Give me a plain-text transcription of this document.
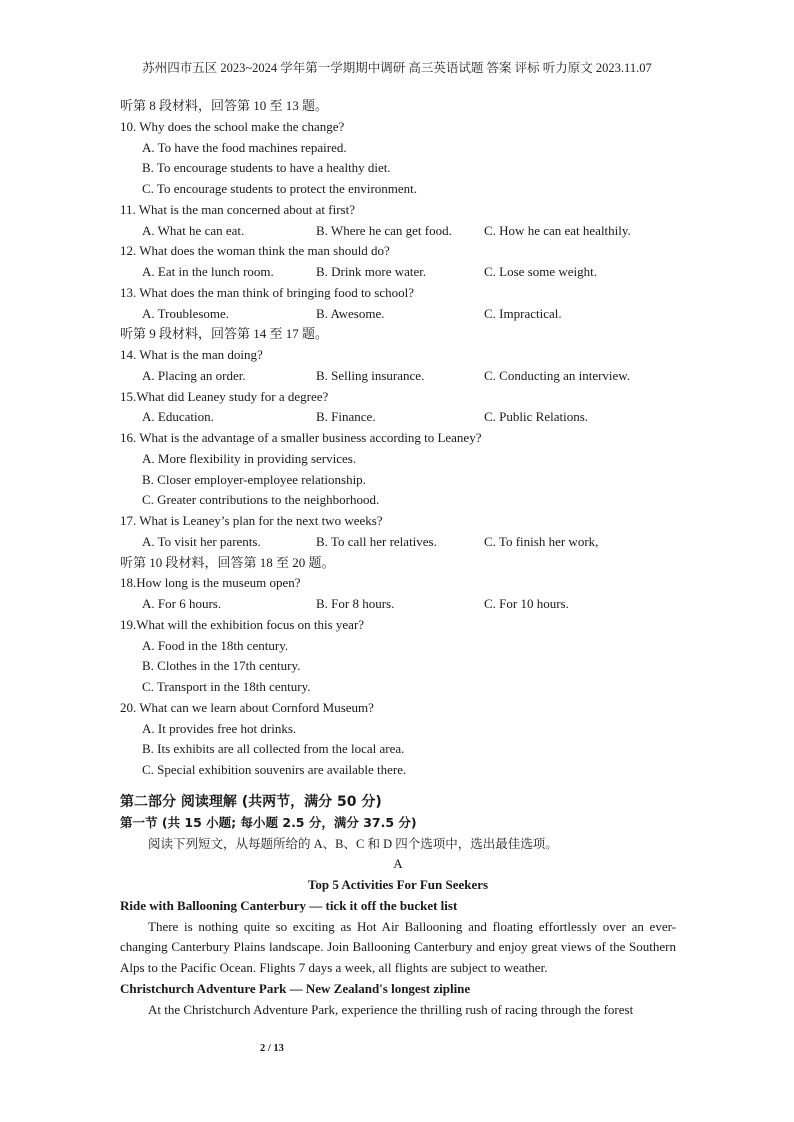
苏州四市五区 2023~2024 学年第一学期期中调研 高三英语试题 答案 评标 听力原文 2023.11.07
听第 8 段材料，回答第 10 至 13 题。
10. Why does the school make the change?
A. To have the food machines repaired.
B. To encourage students to have a healthy diet.
C. To encourage students to protect the environment.
11. What is the man concerned about at first?
A. What he can eat.	B. Where he can get food.	C. How he can eat healthily.
12. What does the woman think the man should do?
A. Eat in the lunch room.	B. Drink more water.	C. Lose some weight.
13. What does the man think of bringing food to school?
A. Troublesome.	B. Awesome.	C. Impractical.
听第 9 段材料，回答第 14 至 17 题。
14. What is the man doing?
A. Placing an order.	B. Selling insurance.	C. Conducting an interview.
15.What did Leaney study for a degree?
A. Education.	B. Finance.	C. Public Relations.
16. What is the advantage of a smaller business according to Leaney?
A. More flexibility in providing services.
B. Closer employer-employee relationship.
C. Greater contributions to the neighborhood.
17. What is Leaney’s plan for the next two weeks?
A. To visit her parents.	B. To call her relatives.	C. To finish her work,
听第 10 段材料，回答第 18 至 20 题。
18.How long is the museum open?
A. For 6 hours.	B. For 8 hours.	C. For 10 hours.
19.What will the exhibition focus on this year?
A. Food in the 18th century.
B. Clothes in the 17th century.
C. Transport in the 18th century.
20. What can we learn about Cornford Museum?
A. It provides free hot drinks.
B. Its exhibits are all collected from the local area.
C. Special exhibition souvenirs are available there.
第二部分 阅读理解 (共两节，满分 50 分)
第一节 (共 15 小题; 每小题 2.5 分，满分 37.5 分)
阅读下列短文，从每题所给的 A、B、C 和 D 四个选项中，选出最佳选项。
A
Top 5 Activities For Fun Seekers
Ride with Ballooning Canterbury — tick it off the bucket list
There is nothing quite so exciting as Hot Air Ballooning and floating effortlessly over an ever-changing Canterbury Plains landscape. Join Ballooning Canterbury and enjoy great views of the Southern Alps to the Pacific Ocean. Flights 7 days a week, all flights are subject to weather.
Christchurch Adventure Park — New Zealand's longest zipline
At the Christchurch Adventure Park, experience the thrilling rush of racing through the forest
2 / 13
